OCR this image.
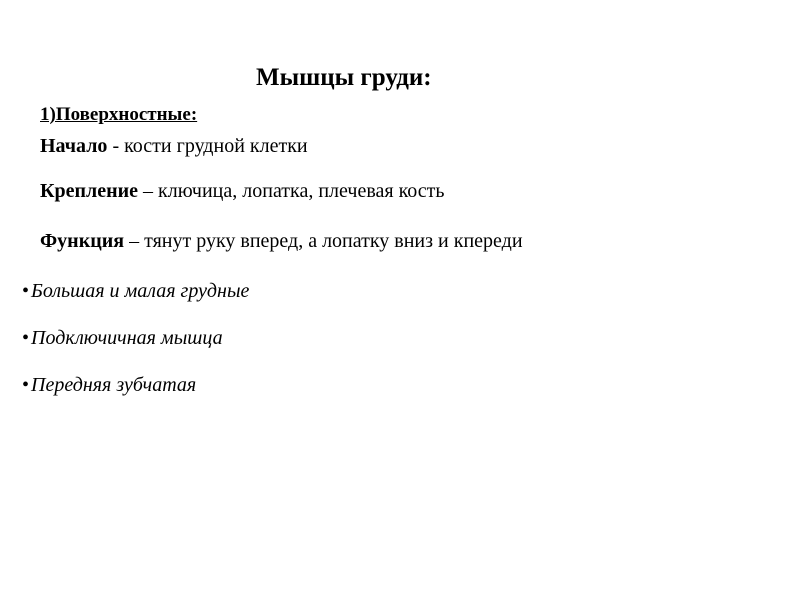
Мышцы груди:
1)Поверхностные:
Начало - кости грудной клетки
Крепление – ключица, лопатка, плечевая кость
Функция – тянут руку вперед, а лопатку вниз и кпереди
• Большая и малая грудные
• Подключичная мышца
• Передняя зубчатая
